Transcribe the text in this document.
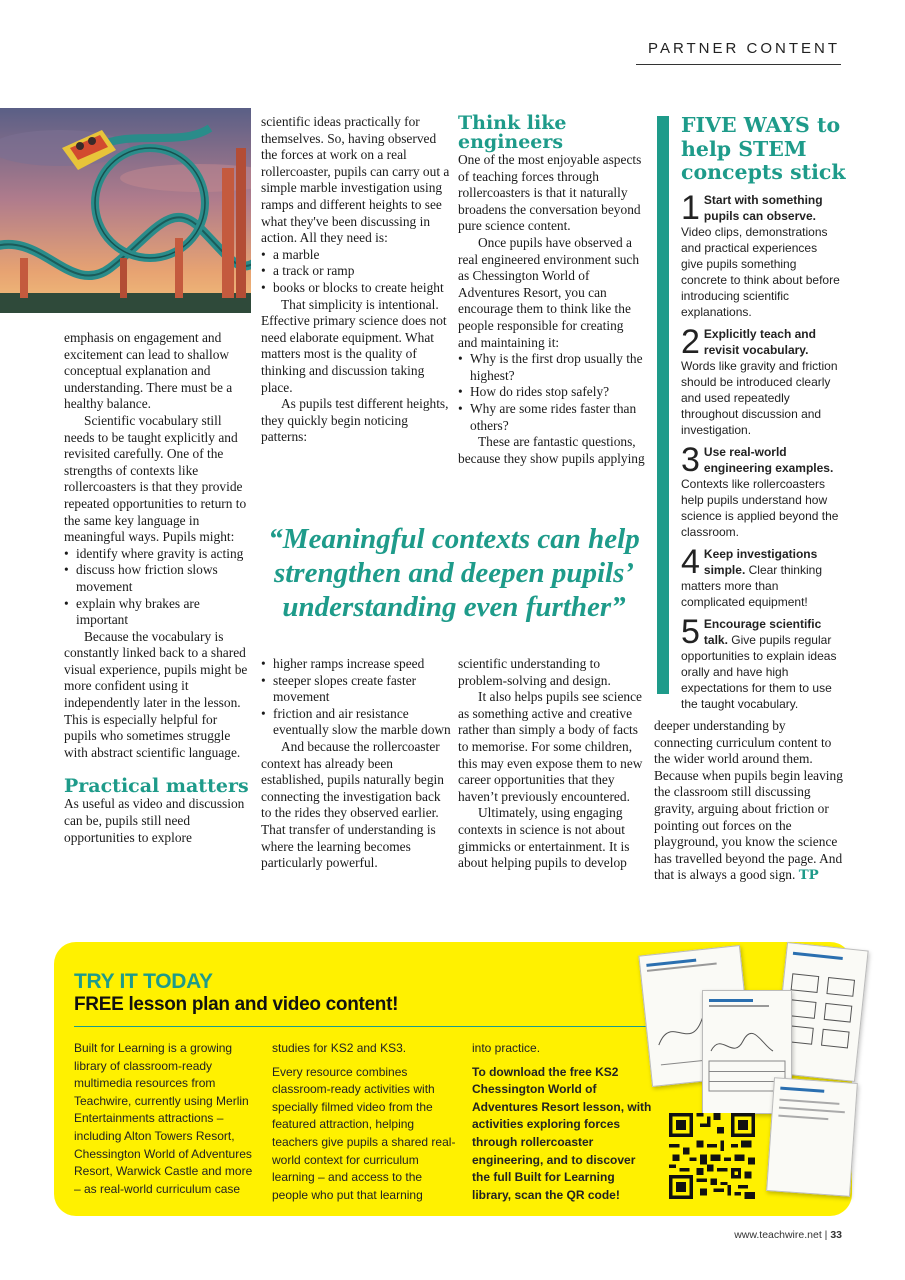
PARTNER CONTENT

emphasis on engagement and excitement can lead to shallow conceptual explanation and understanding. There must be a healthy balance.

Scientific vocabulary still needs to be taught explicitly and revisited carefully. One of the strengths of contexts like rollercoasters is that they provide repeated opportunities to return to the same key language in meaningful ways. Pupils might:

• identify where gravity is acting
• discuss how friction slows movement
• explain why brakes are important

Because the vocabulary is constantly linked back to a shared visual experience, pupils might be more confident using it independently later in the lesson. This is especially helpful for pupils who sometimes struggle with abstract scientific language.

Practical matters

As useful as video and discussion can be, pupils still need opportunities to explore

scientific ideas practically for themselves. So, having observed the forces at work on a real rollercoaster, pupils can carry out a simple marble investigation using ramps and different heights to see what they've been discussing in action. All they need is:

• a marble
• a track or ramp
• books or blocks to create height

That simplicity is intentional. Effective primary science does not need elaborate equipment. What matters most is the quality of thinking and discussion taking place.

As pupils test different heights, they quickly begin noticing patterns:

Think like engineers

One of the most enjoyable aspects of teaching forces through rollercoasters is that it naturally broadens the conversation beyond pure science content.

Once pupils have observed a real engineered environment such as Chessington World of Adventures Resort, you can encourage them to think like the people responsible for creating and maintaining it:

• Why is the first drop usually the highest?
• How do rides stop safely?
• Why are some rides faster than others?

These are fantastic questions, because they show pupils applying

“Meaningful contexts can help strengthen and deepen pupils’ understanding even further”
• higher ramps increase speed
• steeper slopes create faster movement
• friction and air resistance eventually slow the marble down

And because the rollercoaster context has already been established, pupils naturally begin connecting the investigation back to the rides they observed earlier. That transfer of understanding is where the learning becomes particularly powerful.

scientific understanding to problem-solving and design.

It also helps pupils see science as something active and creative rather than simply a body of facts to memorise. For some children, this may even expose them to new career opportunities that they haven’t previously encountered.

Ultimately, using engaging contexts in science is not about gimmicks or entertainment. It is about helping pupils to develop

deeper understanding by connecting curriculum content to the wider world around them. Because when pupils begin leaving the classroom still discussing gravity, arguing about friction or pointing out forces on the playground, you know the science has travelled beyond the page. And that is always a good sign. TP

FIVE WAYS to help STEM concepts stick
1 Start with something pupils can observe. Video clips, demonstrations and practical experiences give pupils something concrete to think about before introducing scientific explanations.
2 Explicitly teach and revisit vocabulary. Words like gravity and friction should be introduced clearly and used repeatedly throughout discussion and investigation.
3 Use real-world engineering examples. Contexts like rollercoasters help pupils understand how science is applied beyond the classroom.
4 Keep investigations simple. Clear thinking matters more than complicated equipment!
5 Encourage scientific talk. Give pupils regular opportunities to explain ideas orally and have high expectations for them to use the taught vocabulary.
TRY IT TODAY
FREE lesson plan and video content!

Built for Learning is a growing library of classroom-ready multimedia resources from Teachwire, currently using Merlin Entertainments attractions – including Alton Towers Resort, Chessington World of Adventures Resort, Warwick Castle and more – as real-world curriculum case

studies for KS2 and KS3.

Every resource combines classroom-ready activities with specially filmed video from the featured attraction, helping teachers give pupils a shared real-world context for curriculum learning – and access to the people who put that learning

into practice.

To download the free KS2 Chessington World of Adventures Resort lesson, with activities exploring forces through rollercoaster engineering, and to discover the full Built for Learning library, scan the QR code!

www.teachwire.net | 33
